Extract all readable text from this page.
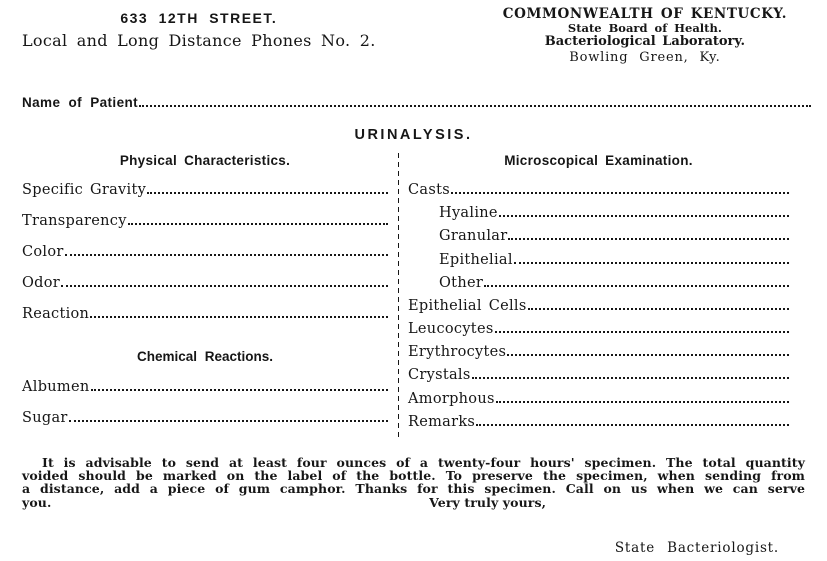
633 12TH STREET.
Local and Long Distance Phones No. 2.
COMMONWEALTH OF KENTUCKY.
State Board of Health.
Bacteriological Laboratory.
Bowling Green, Ky.
Name of Patient
URINALYSIS.
Physical Characteristics.
Specific Gravity
Transparency
Color
Odor
Reaction
Chemical Reactions.
Albumen
Sugar
Microscopical Examination.
Casts
Hyaline
Granular
Epithelial
Other
Epithelial Cells
Leucocytes
Erythrocytes
Crystals
Amorphous
Remarks
It is advisable to send at least four ounces of a twenty-four hours' specimen. The total quantity
voided should be marked on the label of the bottle. To preserve the specimen, when sending from
a distance, add a piece of gum camphor. Thanks for this specimen. Call on us when we can serve
you.	Very truly yours,
State Bacteriologist.
